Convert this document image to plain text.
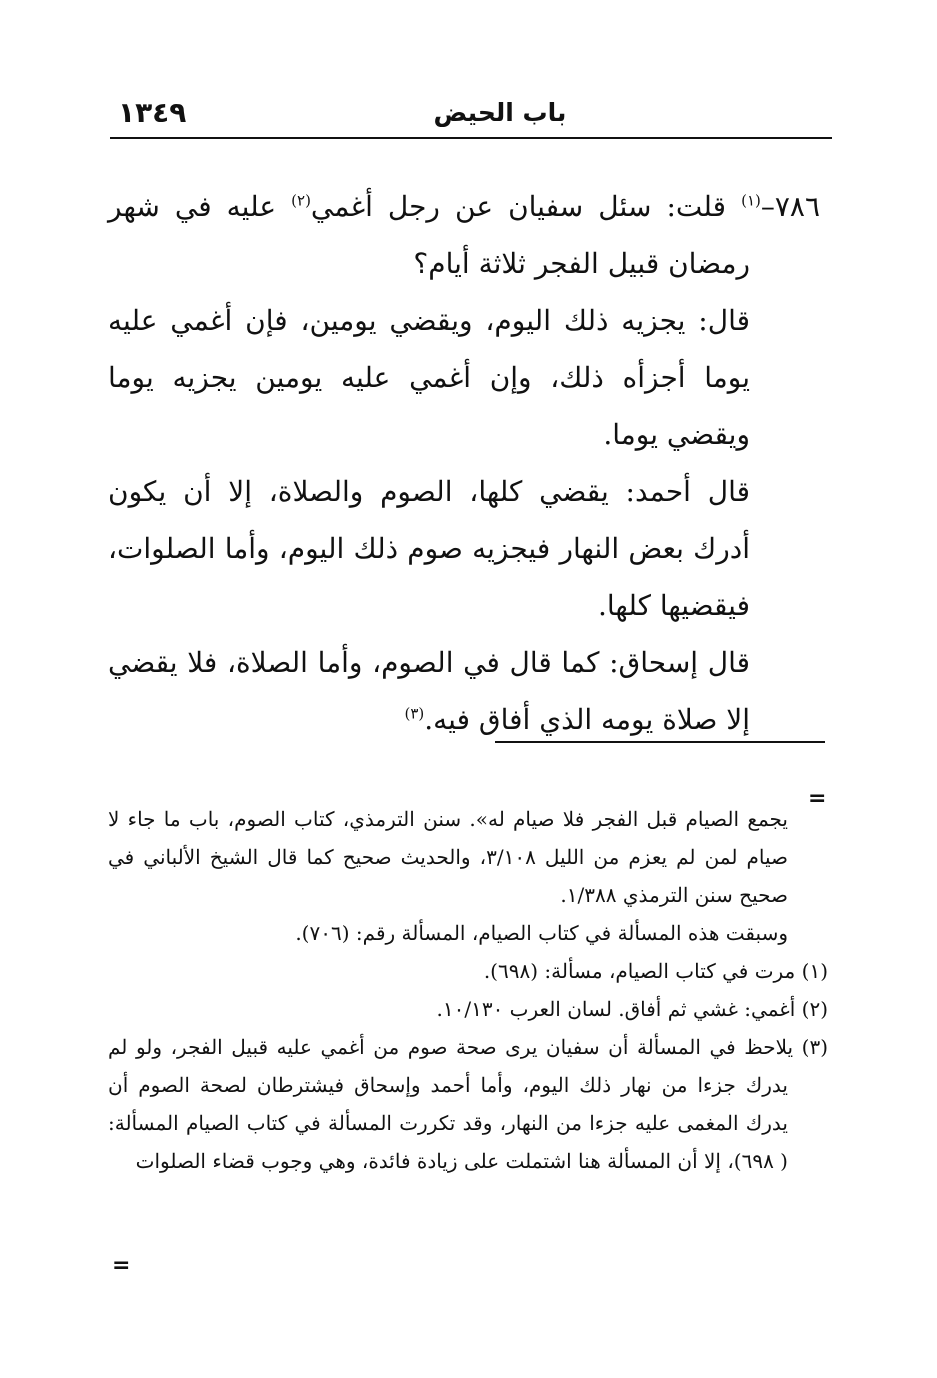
١٣٤٩	باب الحيض

٧٨٦–$^{(١)}$ قلت: سئل سفيان عن رجل أغمي$^{(٢)}$ عليه في شهر رمضان قبيل الفجر ثلاثة أيام؟

قال: يجزيه ذلك اليوم، ويقضي يومين، فإن أغمي عليه يوما أجزأه ذلك، وإن أغمي عليه يومين يجزيه يوما ويقضي يوما.

قال أحمد: يقضي كلها، الصوم والصلاة، إلا أن يكون أدرك بعض النهار فيجزيه صوم ذلك اليوم، وأما الصلوات، فيقضيها كلها.

قال إسحاق: كما قال في الصوم، وأما الصلاة، فلا يقضي إلا صلاة يومه الذي أفاق فيه.$^{(٣)}$

=

يجمع الصيام قبل الفجر فلا صيام له». سنن الترمذي، كتاب الصوم، باب ما جاء لا صيام لمن لم يعزم من الليل ٣/١٠٨، والحديث صحيح كما قال الشيخ الألباني في صحيح سنن الترمذي ١/٣٨٨.

وسبقت هذه المسألة في كتاب الصيام، المسألة رقم: (٧٠٦).

(١) مرت في كتاب الصيام، مسألة: (٦٩٨).

(٢) أغمي: غشي ثم أفاق. لسان العرب ١٠/١٣٠.

(٣) يلاحظ في المسألة أن سفيان يرى صحة صوم من أغمي عليه قبيل الفجر، ولو لم يدرك جزءا من نهار ذلك اليوم، وأما أحمد وإسحاق فيشترطان لصحة الصوم أن يدرك المغمى عليه جزءا من النهار، وقد تكررت المسألة في كتاب الصيام المسألة: ( ٦٩٨)، إلا أن المسألة هنا اشتملت على زيادة فائدة، وهي وجوب قضاء الصلوات

=
